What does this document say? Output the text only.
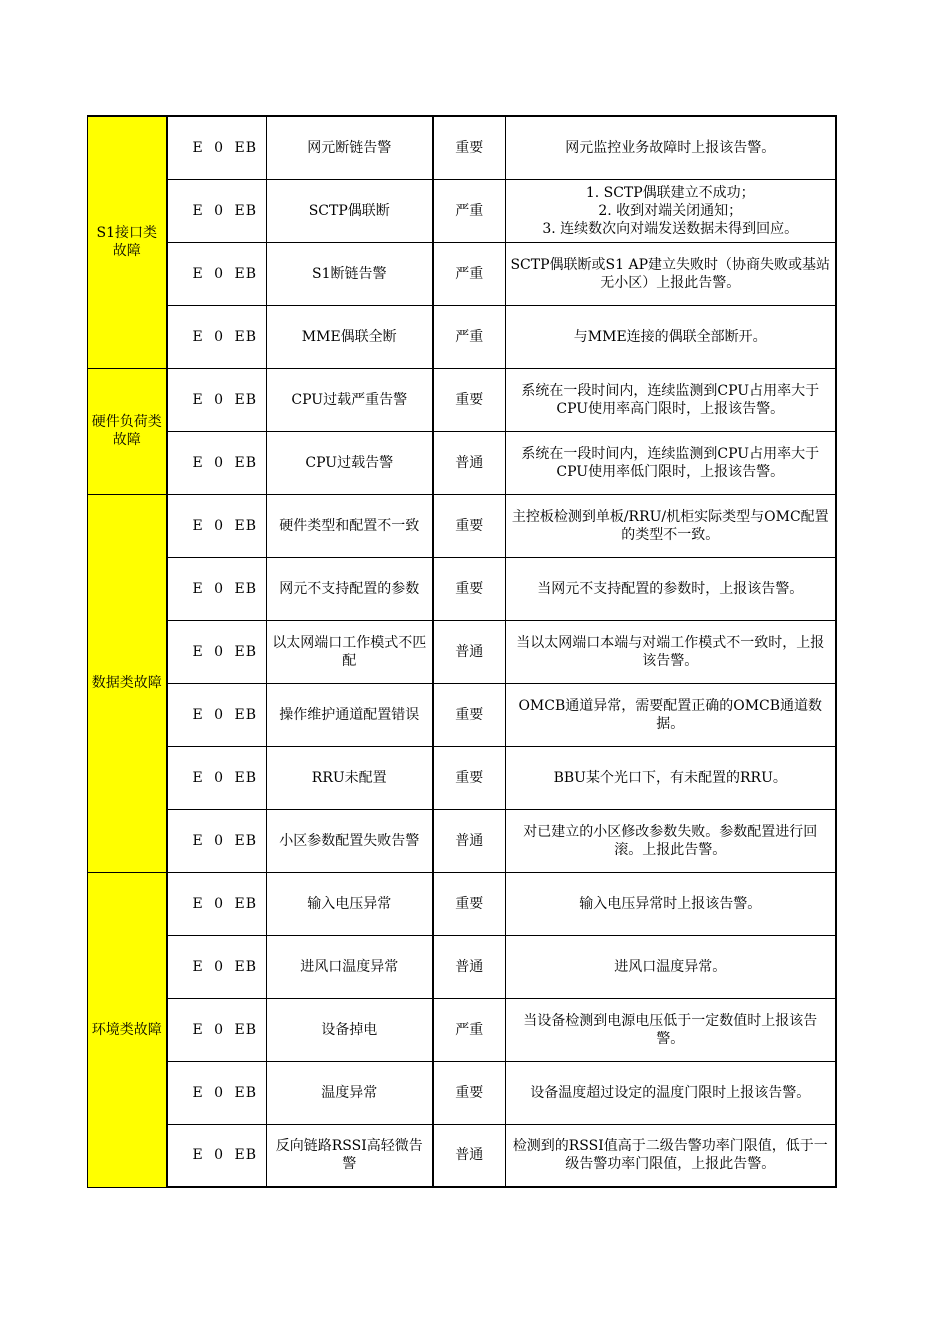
S1接口类故障	E 0 EB	网元断链告警	重要	网元监控业务故障时上报该告警。

	E 0 EB	SCTP偶联断	严重	1. SCTP偶联建立不成功；
2. 收到对端关闭通知；
3. 连续数次向对端发送数据未得到回应。

	E 0 EB	S1断链告警	严重	SCTP偶联断或S1 AP建立失败时（协商失败或基站无小区）上报此告警。

	E 0 EB	MME偶联全断	严重	与MME连接的偶联全部断开。
硬件负荷类故障	E 0 EB	CPU过载严重告警	重要	系统在一段时间内，连续监测到CPU占用率大于CPU使用率高门限时，上报该告警。

	E 0 EB	CPU过载告警	普通	系统在一段时间内，连续监测到CPU占用率大于CPU使用率低门限时，上报该告警。
数据类故障	E 0 EB	硬件类型和配置不一致	重要	主控板检测到单板/RRU/机柜实际类型与OMC配置的类型不一致。

	E 0 EB	网元不支持配置的参数	重要	当网元不支持配置的参数时，上报该告警。

	E 0 EB	以太网端口工作模式不匹配	普通	当以太网端口本端与对端工作模式不一致时，上报该告警。

	E 0 EB	操作维护通道配置错误	重要	OMCB通道异常，需要配置正确的OMCB通道数据。

	E 0 EB	RRU未配置	重要	BBU某个光口下，有未配置的RRU。

	E 0 EB	小区参数配置失败告警	普通	对已建立的小区修改参数失败。参数配置进行回滚。上报此告警。
环境类故障	E 0 EB	输入电压异常	重要	输入电压异常时上报该告警。

	E 0 EB	进风口温度异常	普通	进风口温度异常。

	E 0 EB	设备掉电	严重	当设备检测到电源电压低于一定数值时上报该告警。

	E 0 EB	温度异常	重要	设备温度超过设定的温度门限时上报该告警。

	E 0 EB	反向链路RSSI高轻微告警	普通	检测到的RSSI值高于二级告警功率门限值，低于一级告警功率门限值，上报此告警。
